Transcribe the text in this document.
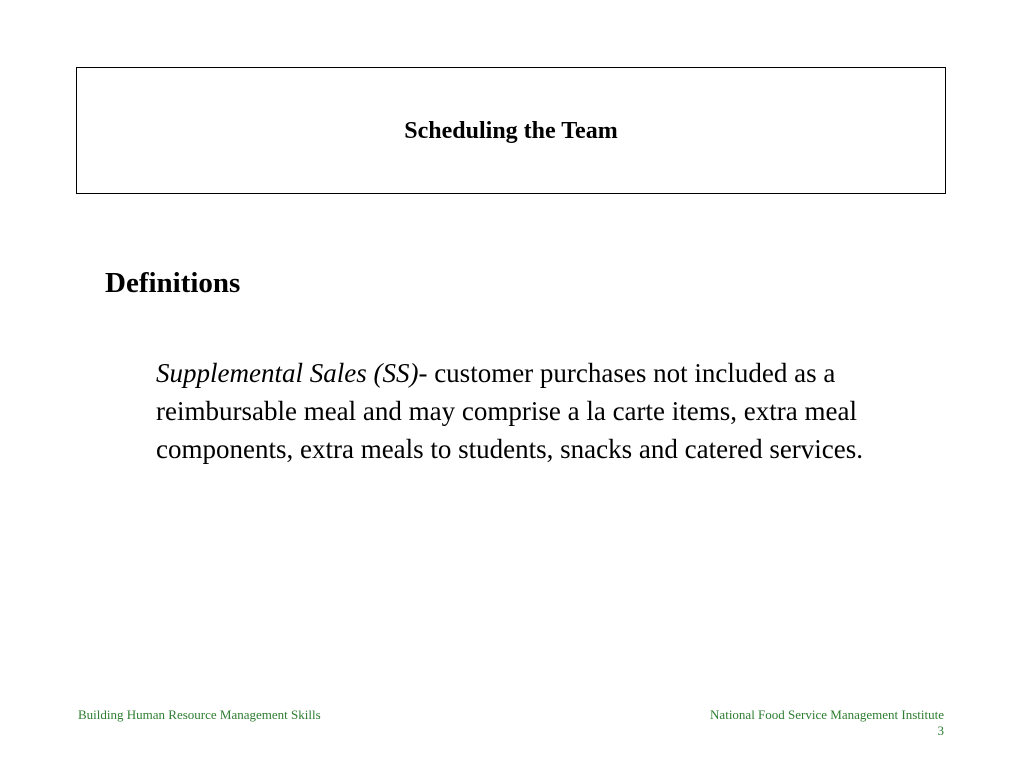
Scheduling the Team
Definitions

Supplemental Sales (SS)- customer purchases not included as a reimbursable meal and may comprise a la carte items, extra meal components, extra meals to students, snacks and catered services.

Building Human Resource Management Skills	National Food Service Management Institute
3
